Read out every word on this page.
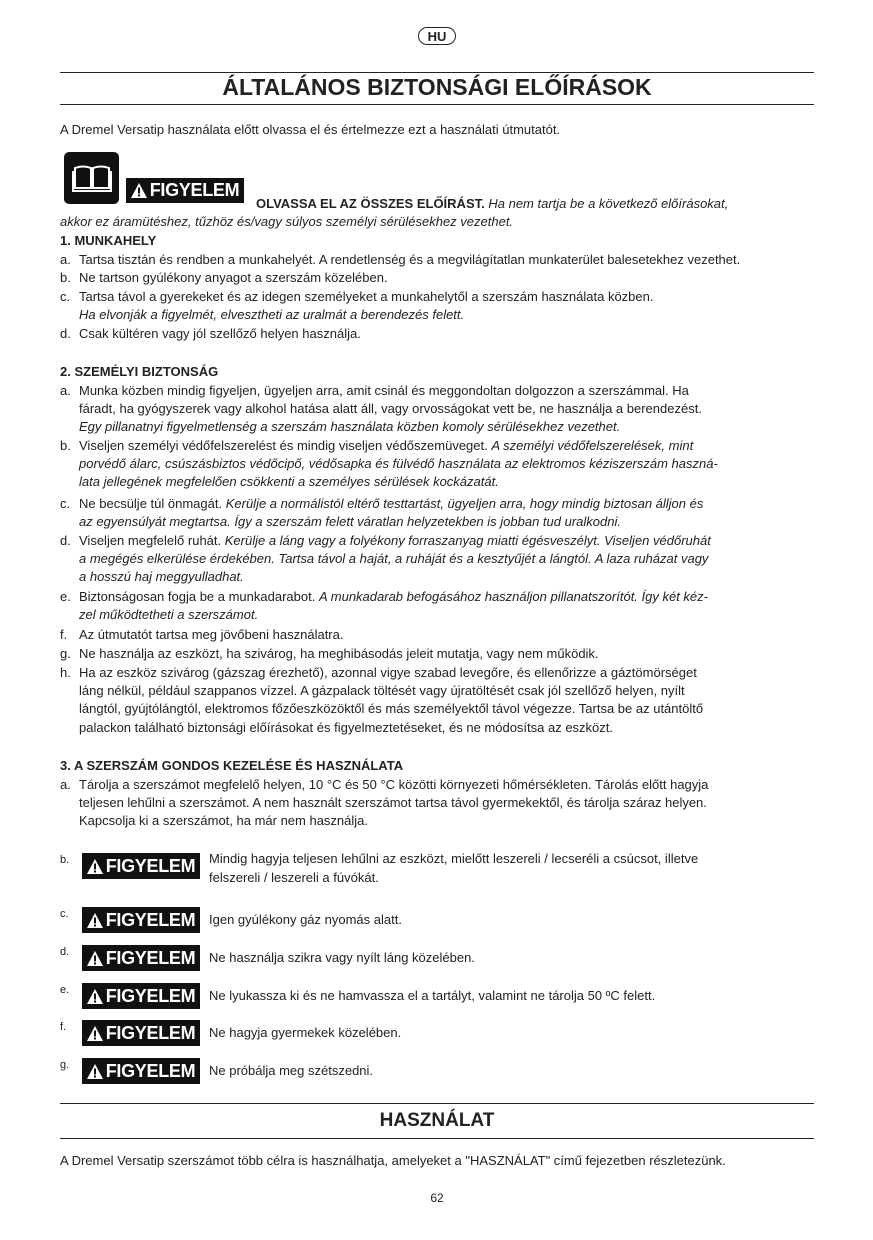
HU
ÁLTALÁNOS BIZTONSÁGI ELŐÍRÁSOK
A Dremel Versatip használata előtt olvassa el és értelmezze ezt a használati útmutatót.
FIGYELEM
OLVASSA EL AZ ÖSSZES ELŐÍRÁST. Ha nem tartja be a következő előírásokat,
akkor ez áramütéshez, tűzhöz és/vagy súlyos személyi sérülésekhez vezethet.
1. MUNKAHELY
a. Tartsa tisztán és rendben a munkahelyét. A rendetlenség és a megvilágítatlan munkaterület balesetekhez vezethet.
b. Ne tartson gyúlékony anyagot a szerszám közelében.
c. Tartsa távol a gyerekeket és az idegen személyeket a munkahelytől a szerszám használata közben.
Ha elvonják a figyelmét, elvesztheti az uralmát a berendezés felett.
d. Csak kültéren vagy jól szellőző helyen használja.
2. SZEMÉLYI BIZTONSÁG
a. Munka közben mindig figyeljen, ügyeljen arra, amit csinál és meggondoltan dolgozzon a szerszámmal. Ha
fáradt, ha gyógyszerek vagy alkohol hatása alatt áll, vagy orvosságokat vett be, ne használja a berendezést.
Egy pillanatnyi figyelmetlenség a szerszám használata közben komoly sérülésekhez vezethet.
b. Viseljen személyi védőfelszerelést és mindig viseljen védőszemüveget. A személyi védőfelszerelések, mint
porvédő álarc, csúszásbiztos védőcipő, védősapka és fülvédő használata az elektromos kéziszerszám haszná-
lata jellegének megfelelően csökkenti a személyes sérülések kockázatát.
c. Ne becsülje túl önmagát. Kerülje a normálistól eltérő testtartást, ügyeljen arra, hogy mindig biztosan álljon és
az egyensúlyát megtartsa. Így a szerszám felett váratlan helyzetekben is jobban tud uralkodni.
d. Viseljen megfelelő ruhát. Kerülje a láng vagy a folyékony forraszanyag miatti égésveszélyt. Viseljen védőruhát
a megégés elkerülése érdekében. Tartsa távol a haját, a ruháját és a kesztyűjét a lángtól. A laza ruházat vagy
a hosszú haj meggyulladhat.
e. Biztonságosan fogja be a munkadarabot. A munkadarab befogásához használjon pillanatszorítót. Így két kéz-
zel működtetheti a szerszámot.
f. Az útmutatót tartsa meg jövőbeni használatra.
g. Ne használja az eszközt, ha szivárog, ha meghibásodás jeleit mutatja, vagy nem működik.
h. Ha az eszköz szivárog (gázszag érezhető), azonnal vigye szabad levegőre, és ellenőrizze a gáztömörséget
láng nélkül, például szappanos vízzel. A gázpalack töltését vagy újratöltését csak jól szellőző helyen, nyílt
lángtól, gyújtólángtól, elektromos főzőeszközöktől és más személyektől távol végezze. Tartsa be az utántöltő
palackon található biztonsági előírásokat és figyelmeztetéseket, és ne módosítsa az eszközt.
3. A SZERSZÁM GONDOS KEZELÉSE ÉS HASZNÁLATA
a. Tárolja a szerszámot megfelelő helyen, 10 °C és 50 °C közötti környezeti hőmérsékleten. Tárolás előtt hagyja
teljesen lehűlni a szerszámot. A nem használt szerszámot tartsa távol gyermekektől, és tárolja száraz helyen.
Kapcsolja ki a szerszámot, ha már nem használja.
b. FIGYELEM Mindig hagyja teljesen lehűlni az eszközt, mielőtt leszereli / lecseréli a csúcsot, illetve
felszereli / leszereli a fúvókát.
c. FIGYELEM Igen gyúlékony gáz nyomás alatt.
d. FIGYELEM Ne használja szikra vagy nyílt láng közelében.
e. FIGYELEM Ne lyukassza ki és ne hamvassza el a tartályt, valamint ne tárolja 50 ºC felett.
f. FIGYELEM Ne hagyja gyermekek közelében.
g. FIGYELEM Ne próbálja meg szétszedni.
HASZNÁLAT
A Dremel Versatip szerszámot több célra is használhatja, amelyeket a "HASZNÁLAT" című fejezetben részletezünk.
62
